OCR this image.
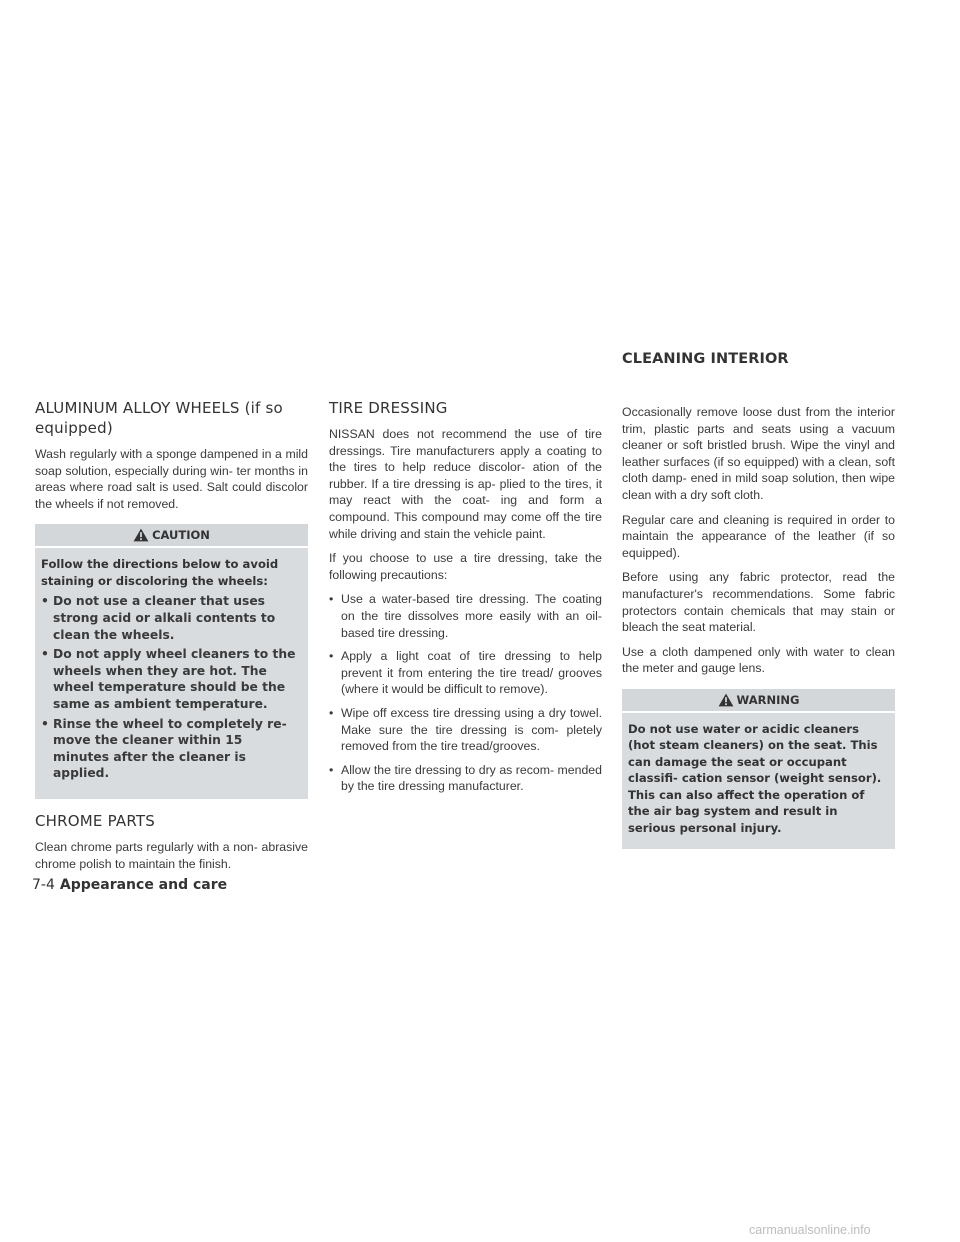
CLEANING INTERIOR
ALUMINUM ALLOY WHEELS (if so equipped)

Wash regularly with a sponge dampened in a mild soap solution, especially during win- ter months in areas where road salt is used. Salt could discolor the wheels if not removed.

CAUTION

Follow the directions below to avoid staining or discoloring the wheels:

• Do not use a cleaner that uses strong acid or alkali contents to clean the wheels.
• Do not apply wheel cleaners to the wheels when they are hot. The wheel temperature should be the same as ambient temperature.
• Rinse the wheel to completely re- move the cleaner within 15 minutes after the cleaner is applied.
CHROME PARTS

Clean chrome parts regularly with a non- abrasive chrome polish to maintain the finish.

TIRE DRESSING

NISSAN does not recommend the use of tire dressings. Tire manufacturers apply a coating to the tires to help reduce discolor- ation of the rubber. If a tire dressing is ap- plied to the tires, it may react with the coat- ing and form a compound. This compound may come off the tire while driving and stain the vehicle paint.

If you choose to use a tire dressing, take the following precautions:

• Use a water-based tire dressing. The coating on the tire dissolves more easily with an oil-based tire dressing.
• Apply a light coat of tire dressing to help prevent it from entering the tire tread/ grooves (where it would be difficult to remove).
• Wipe off excess tire dressing using a dry towel. Make sure the tire dressing is com- pletely removed from the tire tread/grooves.
• Allow the tire dressing to dry as recom- mended by the tire dressing manufacturer.

Occasionally remove loose dust from the interior trim, plastic parts and seats using a vacuum cleaner or soft bristled brush. Wipe the vinyl and leather surfaces (if so equipped) with a clean, soft cloth damp- ened in mild soap solution, then wipe clean with a dry soft cloth.

Regular care and cleaning is required in order to maintain the appearance of the leather (if so equipped).

Before using any fabric protector, read the manufacturer's recommendations. Some fabric protectors contain chemicals that may stain or bleach the seat material.

Use a cloth dampened only with water to clean the meter and gauge lens.

WARNING

Do not use water or acidic cleaners (hot steam cleaners) on the seat. This can damage the seat or occupant classifi- cation sensor (weight sensor). This can also affect the operation of the air bag system and result in serious personal injury.

7-4 Appearance and care
carmanualsonline.info
